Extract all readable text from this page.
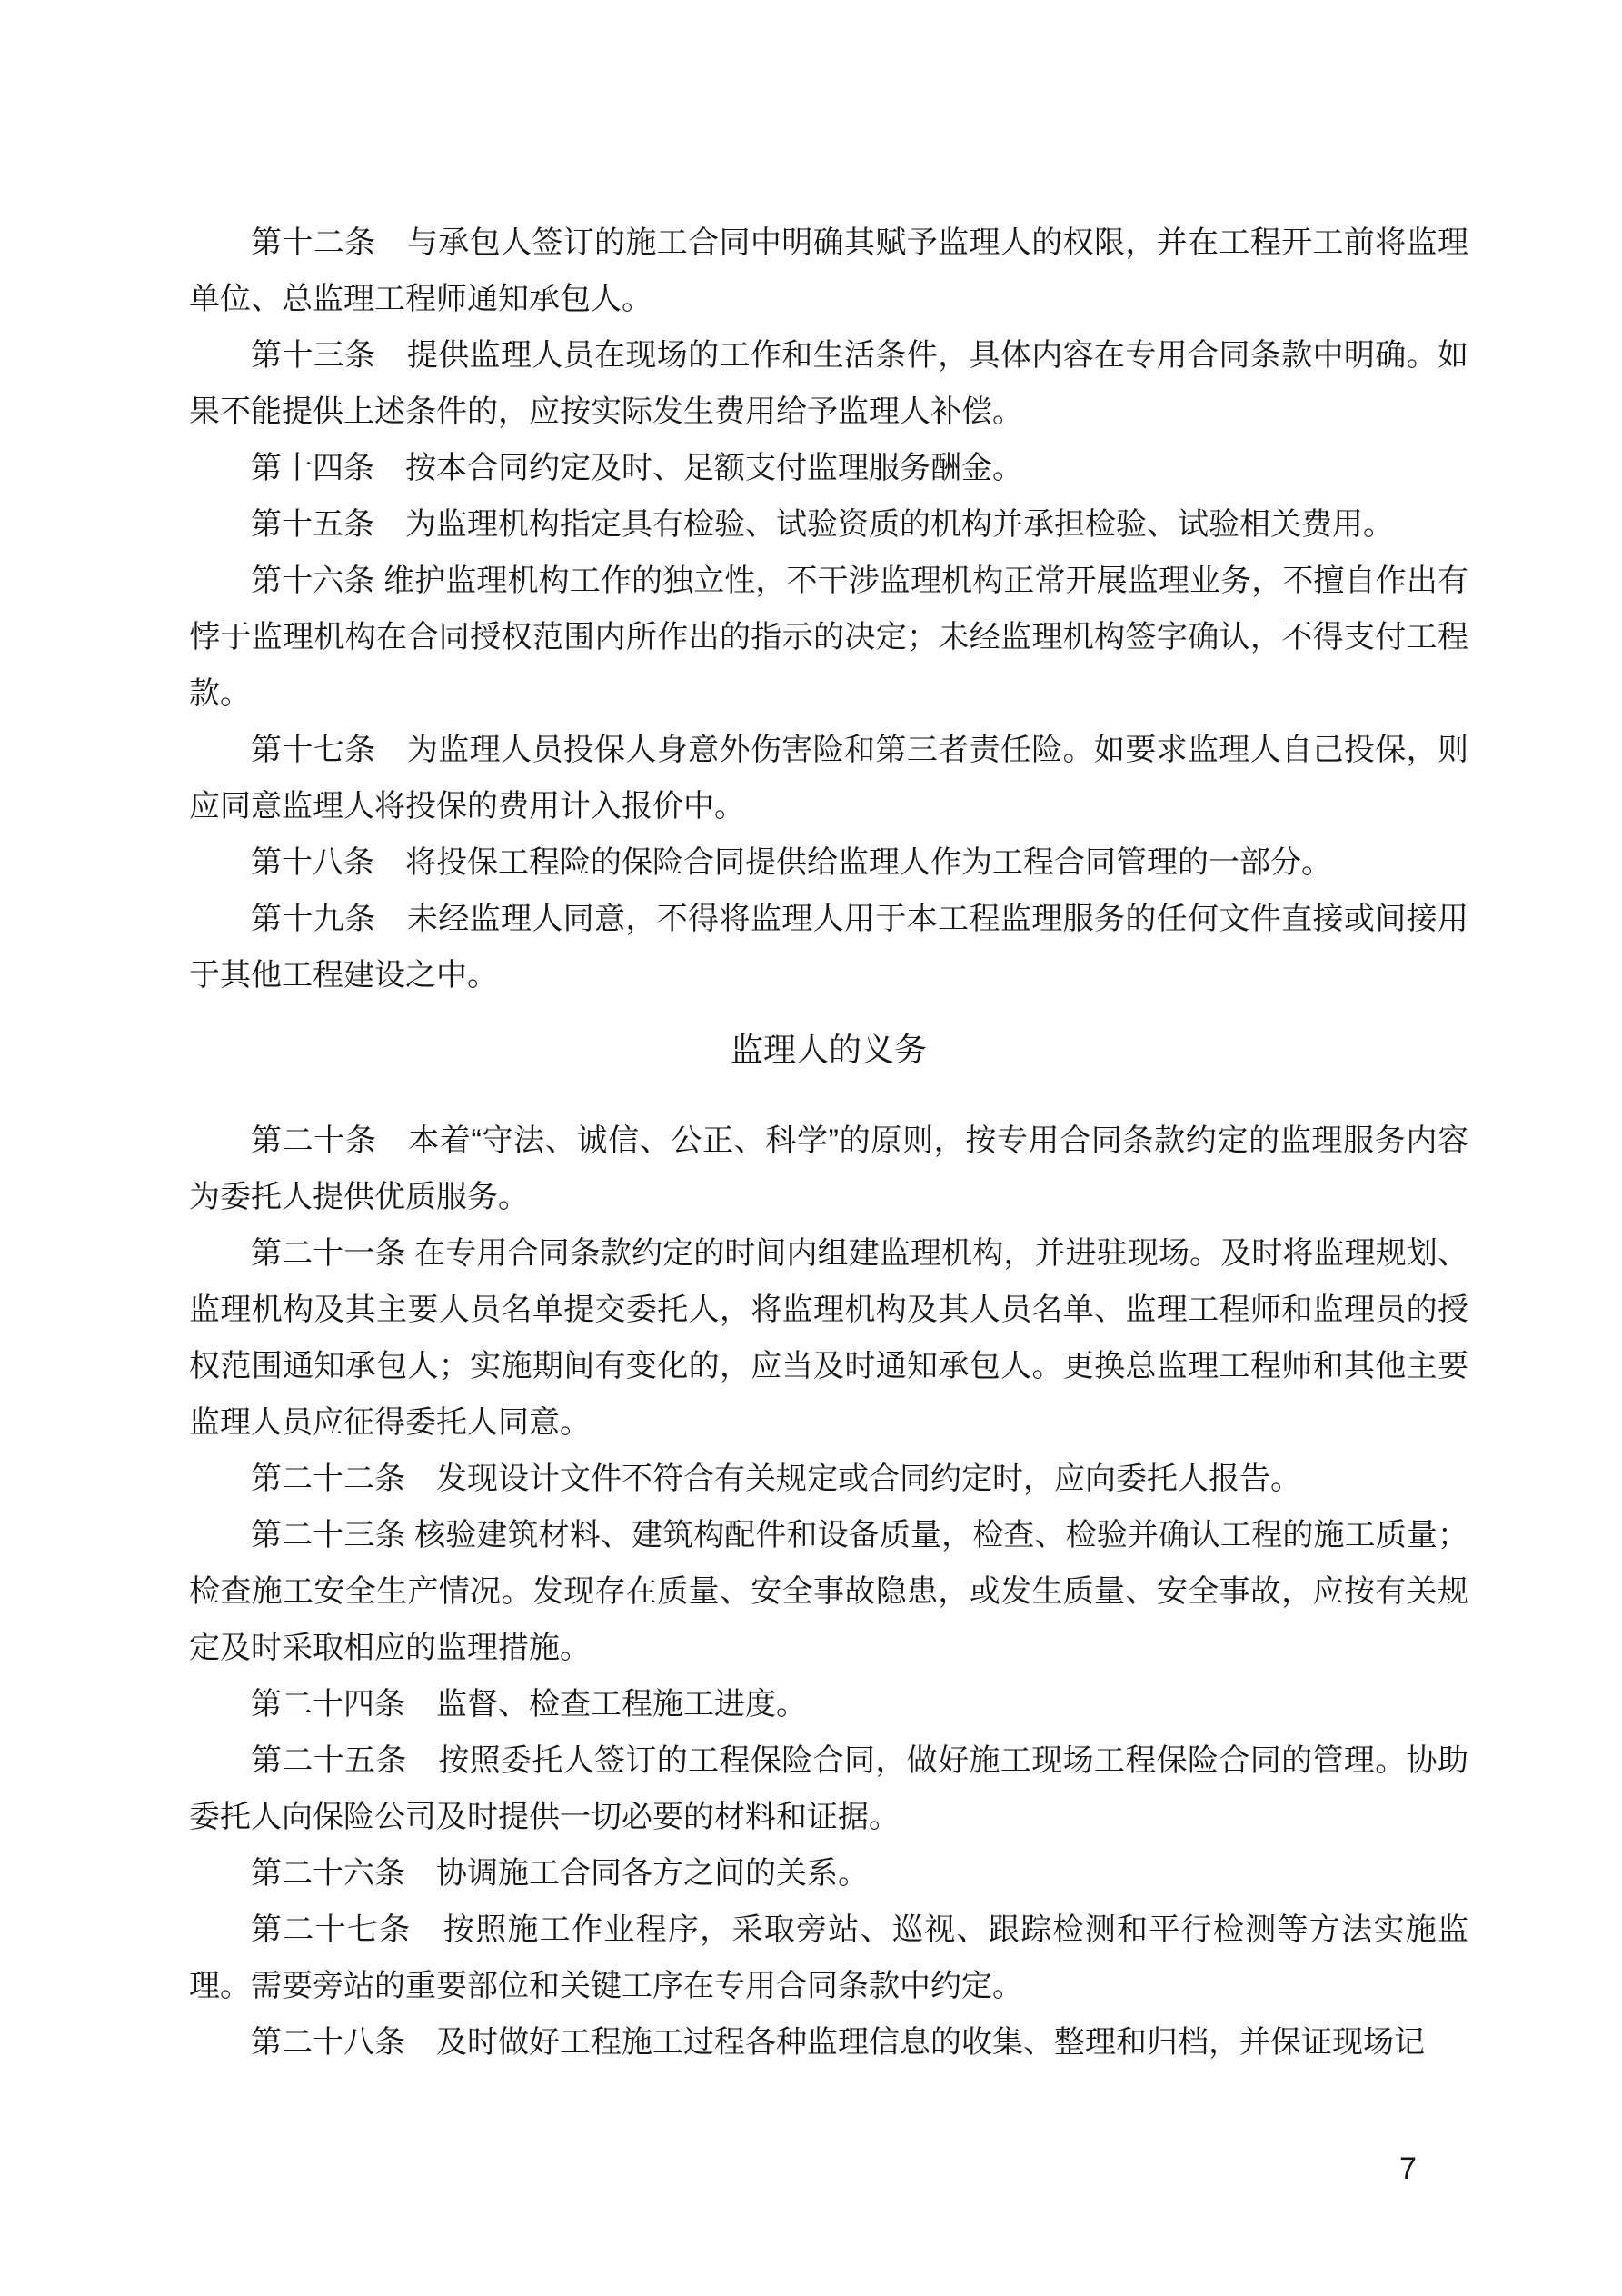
第十二条　与承包人签订的施工合同中明确其赋予监理人的权限，并在工程开工前将监理单位、总监理工程师通知承包人。

第十三条　提供监理人员在现场的工作和生活条件，具体内容在专用合同条款中明确。如果不能提供上述条件的，应按实际发生费用给予监理人补偿。

第十四条　按本合同约定及时、足额支付监理服务酬金。

第十五条　为监理机构指定具有检验、试验资质的机构并承担检验、试验相关费用。

第十六条 维护监理机构工作的独立性，不干涉监理机构正常开展监理业务，不擅自作出有悖于监理机构在合同授权范围内所作出的指示的决定；未经监理机构签字确认，不得支付工程款。

第十七条　为监理人员投保人身意外伤害险和第三者责任险。如要求监理人自己投保，则应同意监理人将投保的费用计入报价中。

第十八条　将投保工程险的保险合同提供给监理人作为工程合同管理的一部分。

第十九条　未经监理人同意，不得将监理人用于本工程监理服务的任何文件直接或间接用于其他工程建设之中。

监理人的义务

第二十条　本着“守法、诚信、公正、科学”的原则，按专用合同条款约定的监理服务内容为委托人提供优质服务。

第二十一条 在专用合同条款约定的时间内组建监理机构，并进驻现场。及时将监理规划、监理机构及其主要人员名单提交委托人，将监理机构及其人员名单、监理工程师和监理员的授权范围通知承包人；实施期间有变化的，应当及时通知承包人。更换总监理工程师和其他主要监理人员应征得委托人同意。

第二十二条　发现设计文件不符合有关规定或合同约定时，应向委托人报告。

第二十三条 核验建筑材料、建筑构配件和设备质量，检查、检验并确认工程的施工质量；检查施工安全生产情况。发现存在质量、安全事故隐患，或发生质量、安全事故，应按有关规定及时采取相应的监理措施。

第二十四条　监督、检查工程施工进度。

第二十五条　按照委托人签订的工程保险合同，做好施工现场工程保险合同的管理。协助委托人向保险公司及时提供一切必要的材料和证据。

第二十六条　协调施工合同各方之间的关系。

第二十七条　按照施工作业程序，采取旁站、巡视、跟踪检测和平行检测等方法实施监理。需要旁站的重要部位和关键工序在专用合同条款中约定。

第二十八条　及时做好工程施工过程各种监理信息的收集、整理和归档，并保证现场记

7
